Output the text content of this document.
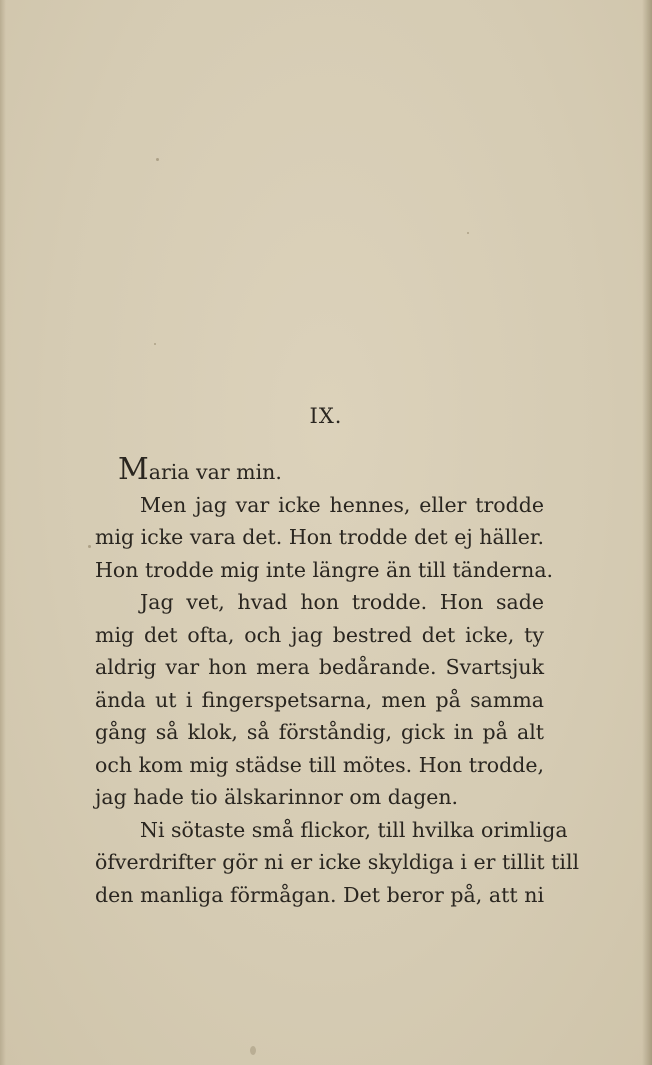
IX.
Maria var min.
Men jag var icke hennes, eller trodde
mig icke vara det. Hon trodde det ej häller.
Hon trodde mig inte längre än till tänderna.
Jag vet, hvad hon trodde. Hon sade
mig det ofta, och jag bestred det icke, ty
aldrig var hon mera bedårande. Svartsjuk
ända ut i fingerspetsarna, men på samma
gång så klok, så förståndig, gick in på alt
och kom mig städse till mötes. Hon trodde,
jag hade tio älskarinnor om dagen.
Ni sötaste små flickor, till hvilka orimliga
öfverdrifter gör ni er icke skyldiga i er tillit till
den manliga förmågan. Det beror på, att ni
